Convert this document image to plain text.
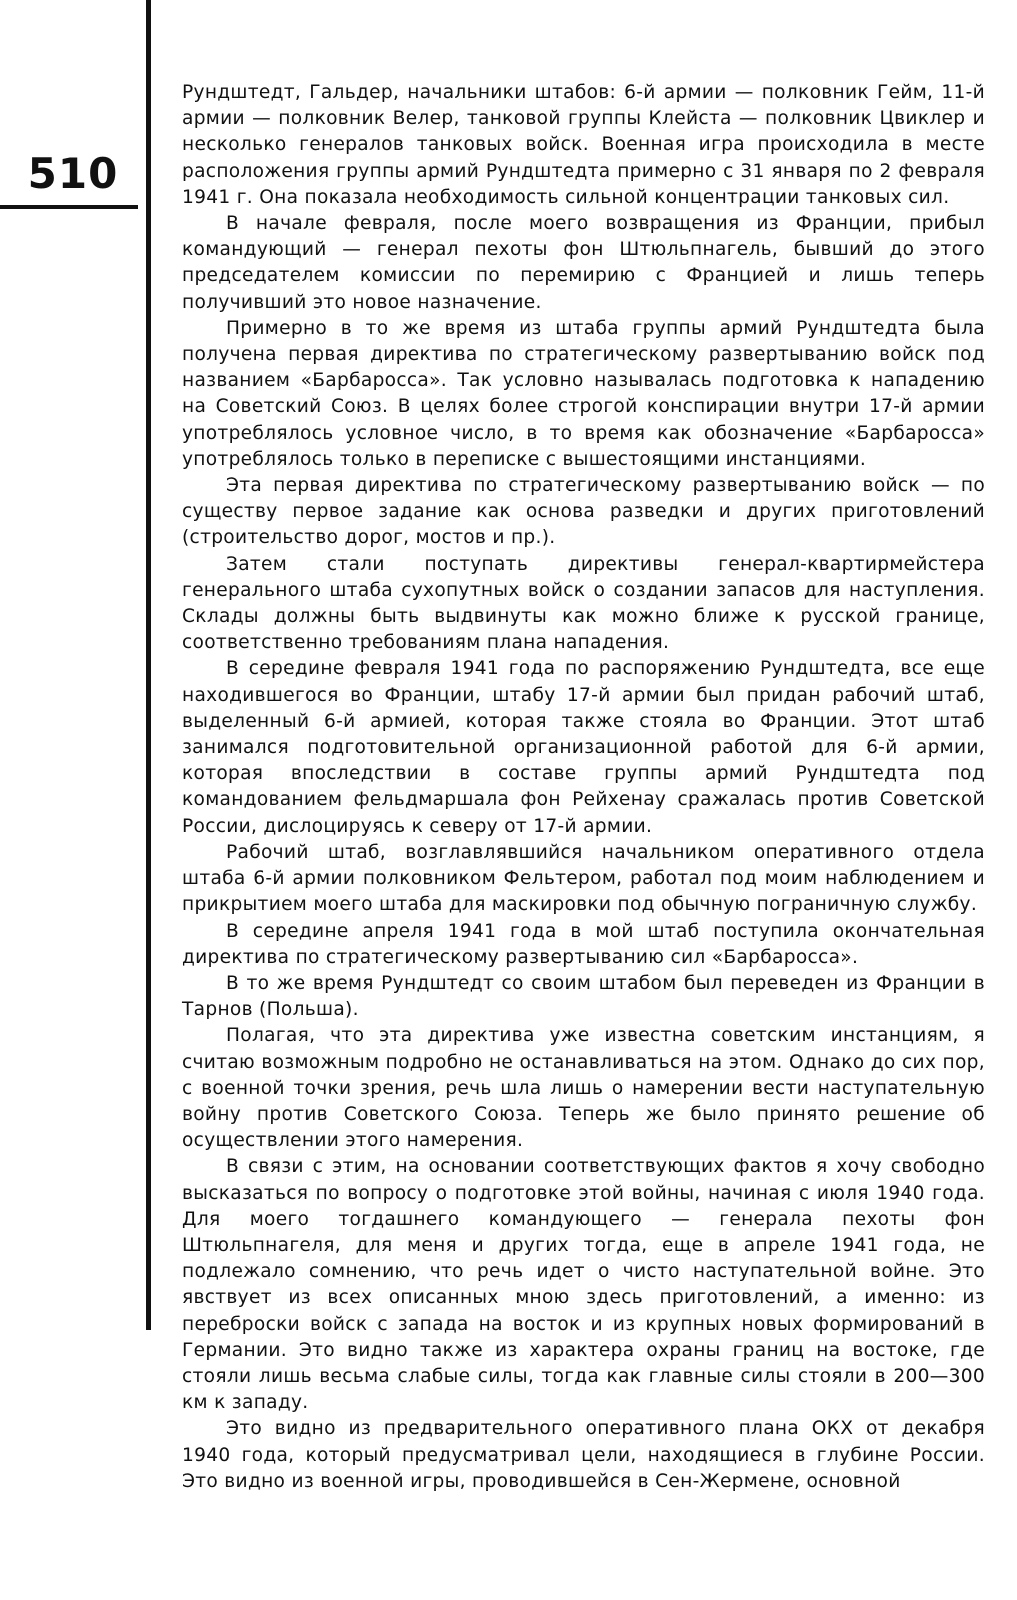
510

Рундштедт, Гальдер, начальники штабов: 6-й армии — полковник Гейм, 11-й армии — полковник Велер, танковой группы Клейста — полковник Цвиклер и несколько генералов танковых войск. Военная игра происходила в месте расположения группы армий Рундштедта примерно с 31 января по 2 февраля 1941 г. Она показала необходимость сильной концентрации танковых сил.

В начале февраля, после моего возвращения из Франции, прибыл командующий — генерал пехоты фон Штюльпнагель, бывший до этого председателем комиссии по перемирию с Францией и лишь теперь получивший это новое назначение.

Примерно в то же время из штаба группы армий Рундштедта была получена первая директива по стратегическому развертыванию войск под названием «Барбаросса». Так условно называлась подготовка к нападению на Советский Союз. В целях более строгой конспирации внутри 17-й армии употреблялось условное число, в то время как обозначение «Барбаросса» употреблялось только в переписке с вышестоящими инстанциями.

Эта первая директива по стратегическому развертыванию войск — по существу первое задание как основа разведки и других приготовлений (строительство дорог, мостов и пр.).

Затем стали поступать директивы генерал-квартирмейстера генерального штаба сухопутных войск о создании запасов для наступления. Склады должны быть выдвинуты как можно ближе к русской границе, соответственно требованиям плана нападения.

В середине февраля 1941 года по распоряжению Рундштедта, все еще находившегося во Франции, штабу 17-й армии был придан рабочий штаб, выделенный 6-й армией, которая также стояла во Франции. Этот штаб занимался подготовительной организационной работой для 6-й армии, которая впоследствии в составе группы армий Рундштедта под командованием фельдмаршала фон Рейхенау сражалась против Советской России, дислоцируясь к северу от 17-й армии.

Рабочий штаб, возглавлявшийся начальником оперативного отдела штаба 6-й армии полковником Фельтером, работал под моим наблюдением и прикрытием моего штаба для маскировки под обычную пограничную службу.

В середине апреля 1941 года в мой штаб поступила окончательная директива по стратегическому развертыванию сил «Барбаросса».

В то же время Рундштедт со своим штабом был переведен из Франции в Тарнов (Польша).

Полагая, что эта директива уже известна советским инстанциям, я считаю возможным подробно не останавливаться на этом. Однако до сих пор, с военной точки зрения, речь шла лишь о намерении вести наступательную войну против Советского Союза. Теперь же было принято решение об осуществлении этого намерения.

В связи с этим, на основании соответствующих фактов я хочу свободно высказаться по вопросу о подготовке этой войны, начиная с июля 1940 года. Для моего тогдашнего командующего — генерала пехоты фон Штюльпнагеля, для меня и других тогда, еще в апреле 1941 года, не подлежало сомнению, что речь идет о чисто наступательной войне. Это явствует из всех описанных мною здесь приготовлений, а именно: из переброски войск с запада на восток и из крупных новых формирований в Германии. Это видно также из характера охраны границ на востоке, где стояли лишь весьма слабые силы, тогда как главные силы стояли в 200—300 км к западу.

Это видно из предварительного оперативного плана ОКХ от декабря 1940 года, который предусматривал цели, находящиеся в глубине России. Это видно из военной игры, проводившейся в Сен-Жермене, основной
